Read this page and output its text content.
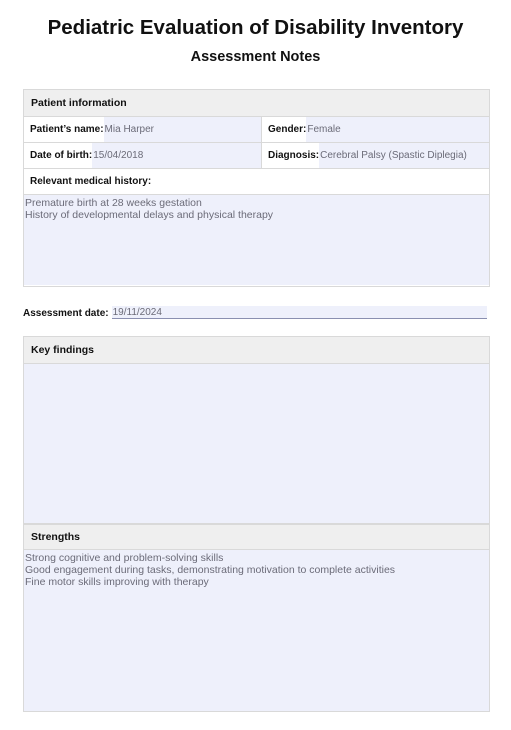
Pediatric Evaluation of Disability Inventory
Assessment Notes
Patient information
Patient’s name: Mia Harper	Gender: Female
Date of birth: 15/04/2018	Diagnosis: Cerebral Palsy (Spastic Diplegia)
Relevant medical history:
Premature birth at 28 weeks gestation
History of developmental delays and physical therapy
Assessment date: 19/11/2024
Key findings
Strengths
Strong cognitive and problem-solving skills
Good engagement during tasks, demonstrating motivation to complete activities
Fine motor skills improving with therapy
